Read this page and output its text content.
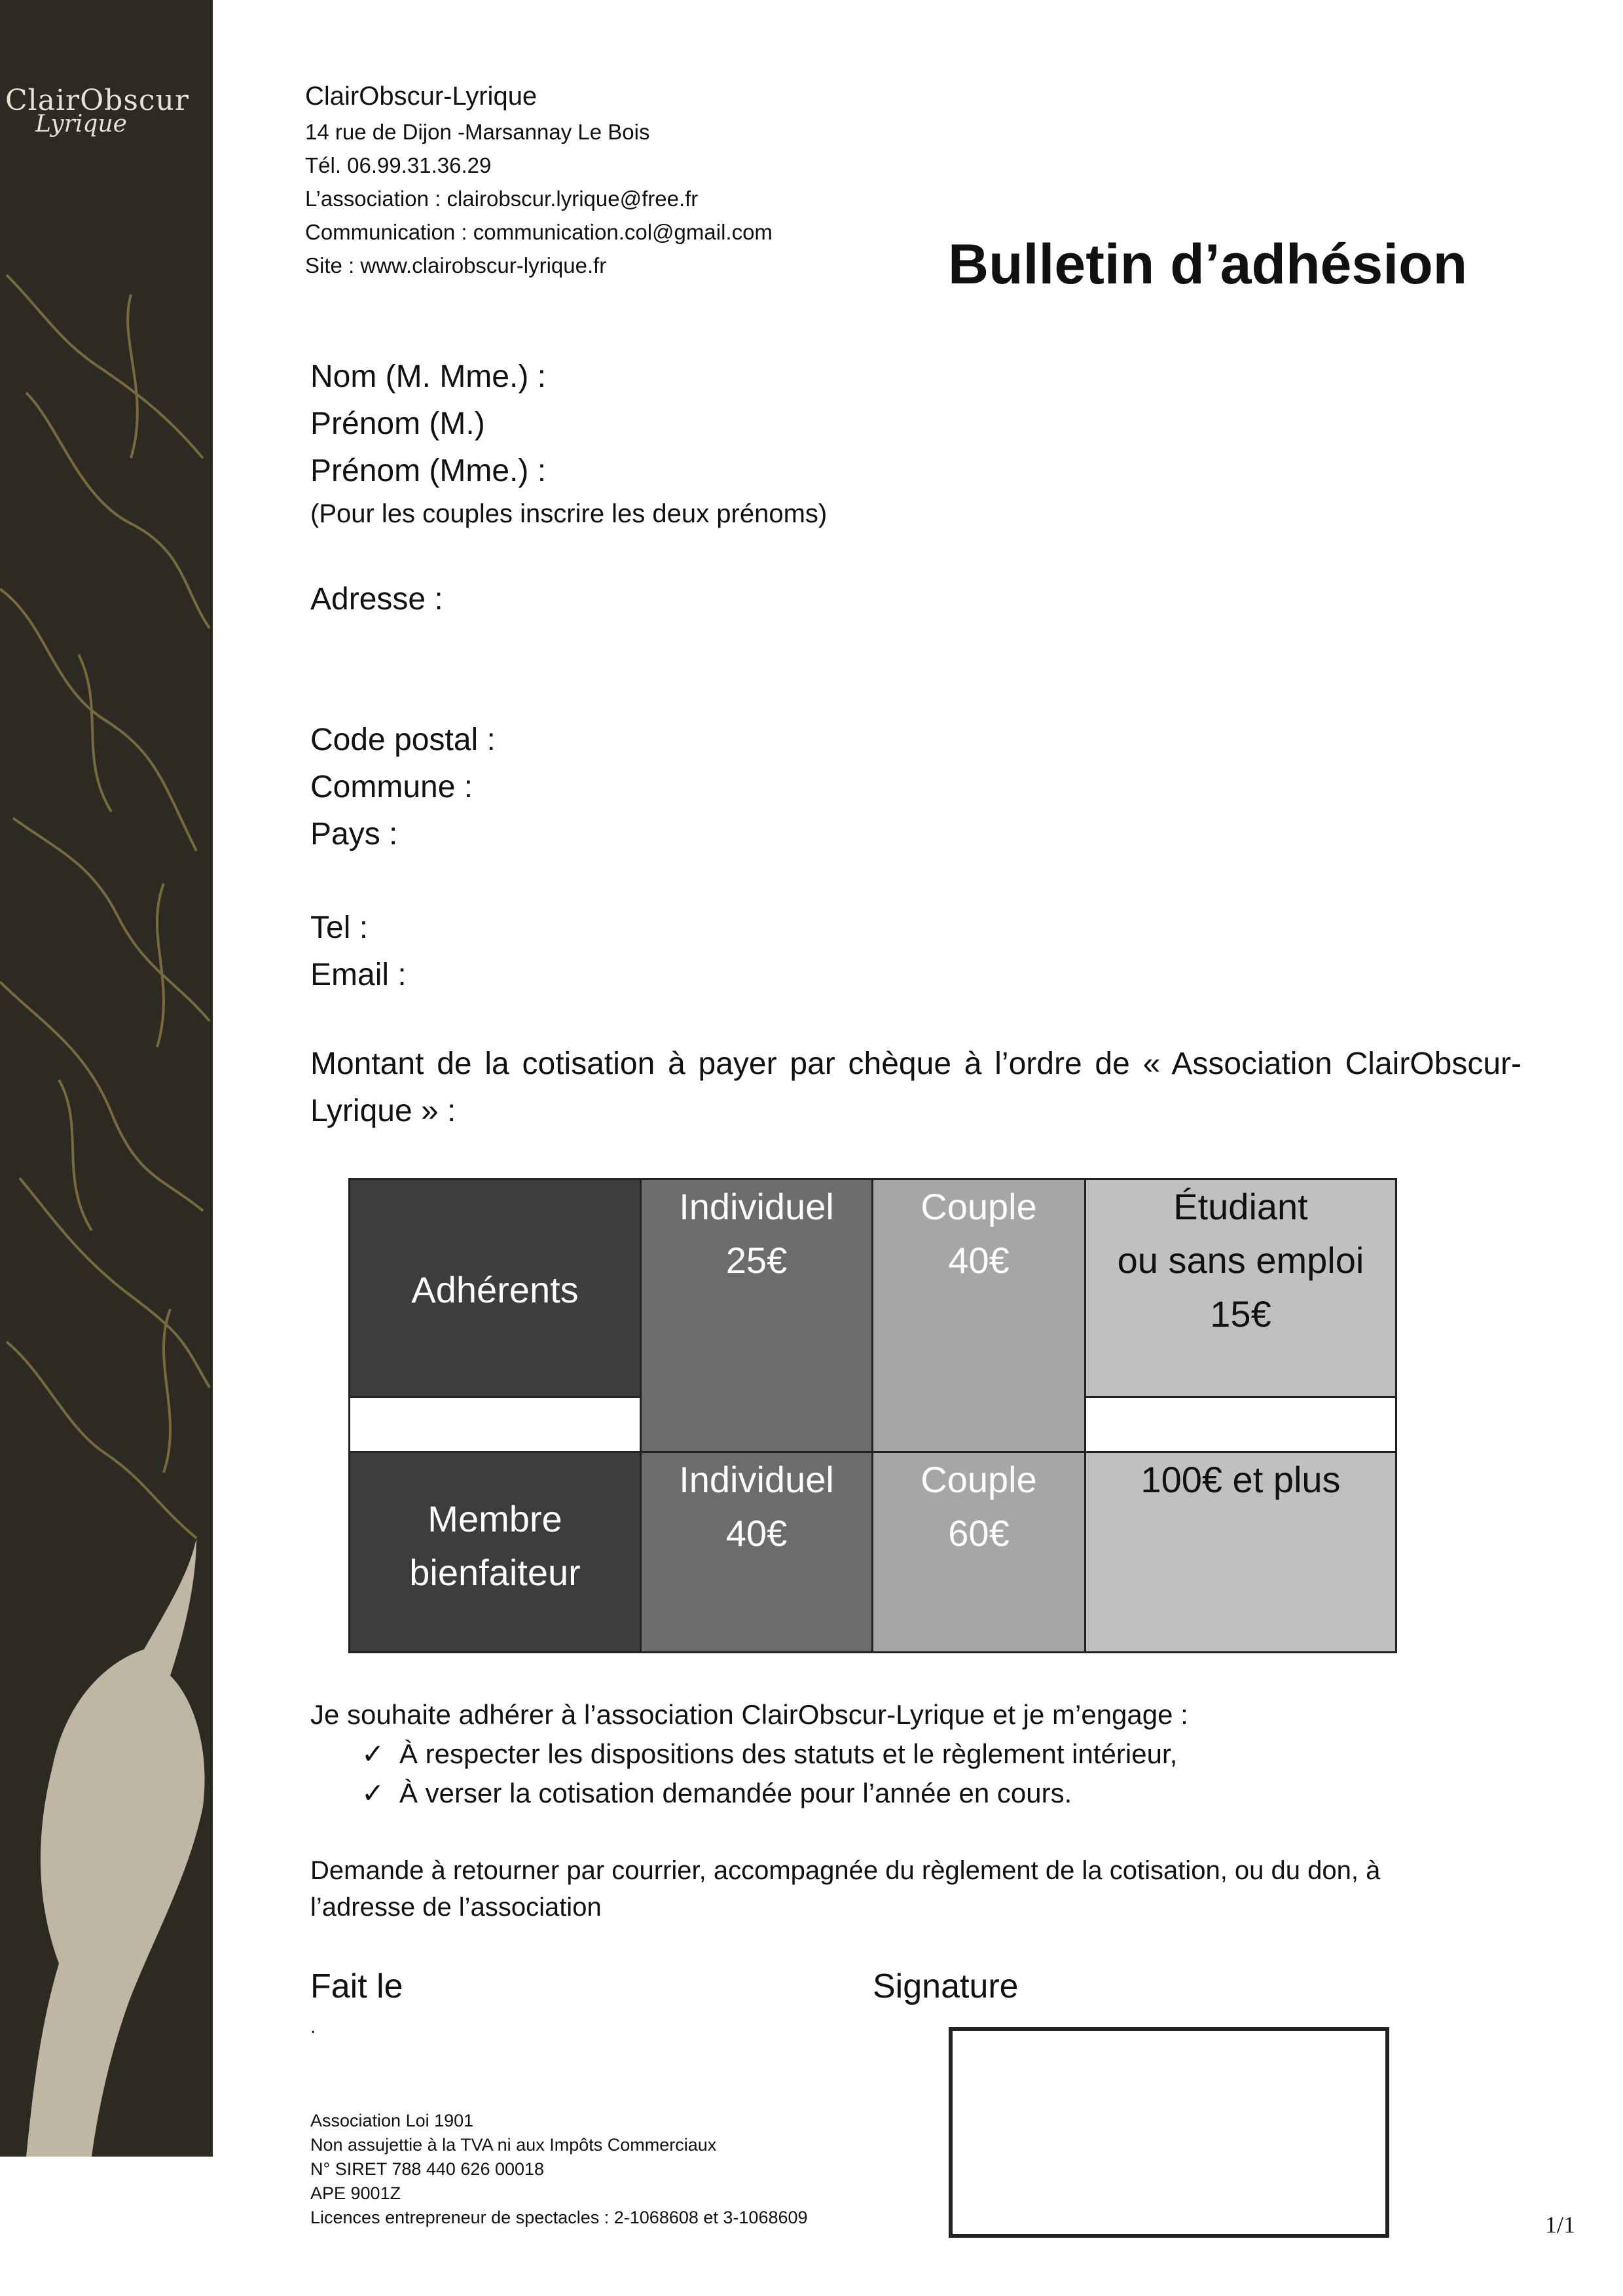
ClairObscur
Lyrique
ClairObscur-Lyrique
14 rue de Dijon -Marsannay Le Bois
Tél. 06.99.31.36.29
L’association : clairobscur.lyrique@free.fr
Communication : communication.col@gmail.com
Site : www.clairobscur-lyrique.fr	Bulletin d’adhésion
Nom (M. Mme.) :
Prénom (M.)
Prénom (Mme.) :
(Pour les couples inscrire les deux prénoms)
Adresse :
Code postal :
Commune :
Pays :
Tel :
Email :
Montant de la cotisation à payer par chèque à l’ordre de « Association ClairObscur-Lyrique » :
Adhérents
Individuel
25€
Couple
40€
Étudiant
ou sans emploi
15€
Membre
bienfaiteur
Individuel
40€
Couple
60€
100€ et plus
Je souhaite adhérer à l’association ClairObscur-Lyrique et je m’engage :
✓ À respecter les dispositions des statuts et le règlement intérieur,
✓ À verser la cotisation demandée pour l’année en cours.
Demande à retourner par courrier, accompagnée du règlement de la cotisation, ou du don, à l’adresse de l’association
Fait le
.
Signature
Association Loi 1901
Non assujettie à la TVA ni aux Impôts Commerciaux
N° SIRET 788 440 626 00018
APE 9001Z
Licences entrepreneur de spectacles : 2-1068608 et 3-1068609	1/1
